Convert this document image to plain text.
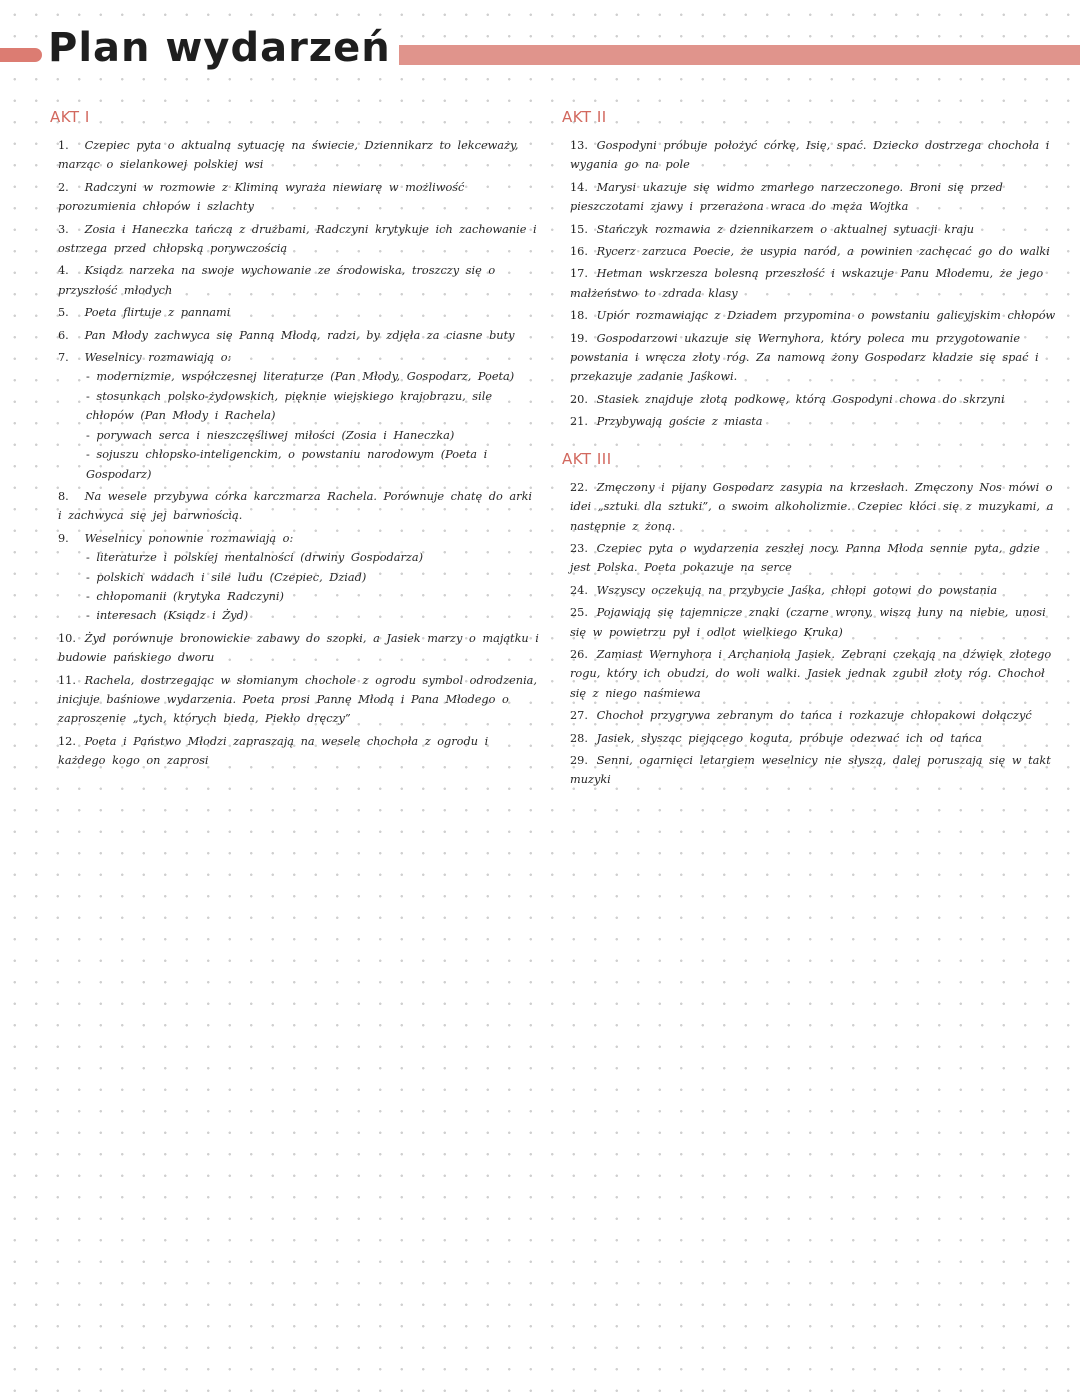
Plan wydarzeń
AKT I
1. Czepiec pyta o aktualną sytuację na świecie, Dziennikarz to lekceważy, marząc o sielankowej polskiej wsi
2. Radczyni w rozmowie z Kliminą wyraża niewiarę w możliwość porozumienia chłopów i szlachty
3. Zosia i Haneczka tańczą z drużbami, Radczyni krytykuje ich zachowanie i ostrzega przed chłopską porywczością
4. Ksiądz narzeka na swoje wychowanie ze środowiska, troszczy się o przyszłość młodych
5. Poeta flirtuje z pannami
6. Pan Młody zachwyca się Panną Młodą, radzi, by zdjęła za ciasne buty
7. Weselnicy rozmawiają o:
- modernizmie, współczesnej literaturze (Pan Młody, Gospodarz, Poeta)
- stosunkach polsko-żydowskich, pięknie wiejskiego krajobrazu, sile chłopów (Pan Młody i Rachela)
- porywach serca i nieszczęśliwej miłości (Zosia i Haneczka)
- sojuszu chłopsko-inteligenckim, o powstaniu narodowym (Poeta i Gospodarz)
8. Na wesele przybywa córka karczmarza Rachela. Porównuje chatę do arki i zachwyca się jej barwnością.
9. Weselnicy ponownie rozmawiają o:
- literaturze i polskiej mentalności (drwiny Gospodarza)
- polskich wadach i sile ludu (Czepiec, Dziad)
- chłopomanii (krytyka Radczyni)
- interesach (Ksiądz i Żyd)
10. Żyd porównuje bronowickie zabawy do szopki, a Jasiek marzy o majątku i budowie pańskiego dworu
11. Rachela, dostrzegając w słomianym chochole z ogrodu symbol odrodzenia, inicjuje baśniowe wydarzenia. Poeta prosi Pannę Młodą i Pana Młodego o zaproszenie „tych, których bieda, Piekło dręczy”
12. Poeta i Państwo Młodzi zapraszają na wesele chochoła z ogrodu i każdego kogo on zaprosi
AKT II
13. Gospodyni próbuje położyć córkę, Isię, spać. Dziecko dostrzega chochoła i wygania go na pole
14. Marysi ukazuje się widmo zmarłego narzeczonego. Broni się przed pieszczotami zjawy i przerażona wraca do męża Wojtka
15. Stańczyk rozmawia z dziennikarzem o aktualnej sytuacji kraju
16. Rycerz zarzuca Poecie, że usypia naród, a powinien zachęcać go do walki
17. Hetman wskrzesza bolesną przeszłość i wskazuje Panu Młodemu, że jego małżeństwo to zdrada klasy
18. Upiór rozmawiając z Dziadem przypomina o powstaniu galicyjskim chłopów
19. Gospodarzowi ukazuje się Wernyhora, który poleca mu przygotowanie powstania i wręcza złoty róg. Za namową żony Gospodarz kładzie się spać i przekazuje zadanie Jaśkowi.
20. Stasiek znajduje złotą podkowę, którą Gospodyni chowa do skrzyni
21. Przybywają goście z miasta
AKT III
22. Zmęczony i pijany Gospodarz zasypia na krzesłach. Zmęczony Nos mówi o idei „sztuki dla sztuki”, o swoim alkoholizmie. Czepiec kłóci się z muzykami, a następnie z żoną.
23. Czepiec pyta o wydarzenia zeszłej nocy. Panna Młoda sennie pyta, gdzie jest Polska. Poeta pokazuje na serce
24. Wszyscy oczekują na przybycie Jaśka, chłopi gotowi do powstania
25. Pojawiają się tajemnicze znaki (czarne wrony, wiszą łuny na niebie, unosi się w powietrzu pył i odlot wielkiego Kruka)
26. Zamiast Wernyhora i Archanioła Jasiek. Zebrani czekają na dźwięk złotego rogu, który ich obudzi, do woli walki. Jasiek jednak zgubił złoty róg. Chochoł się z niego naśmiewa
27. Chochoł przygrywa zebranym do tańca i rozkazuje chłopakowi dołączyć
28. Jasiek, słysząc piejącego koguta, próbuje odezwać ich od tańca
29. Senni, ogarnięci letargiem weselnicy nie słyszą, dalej poruszają się w takt muzyki
